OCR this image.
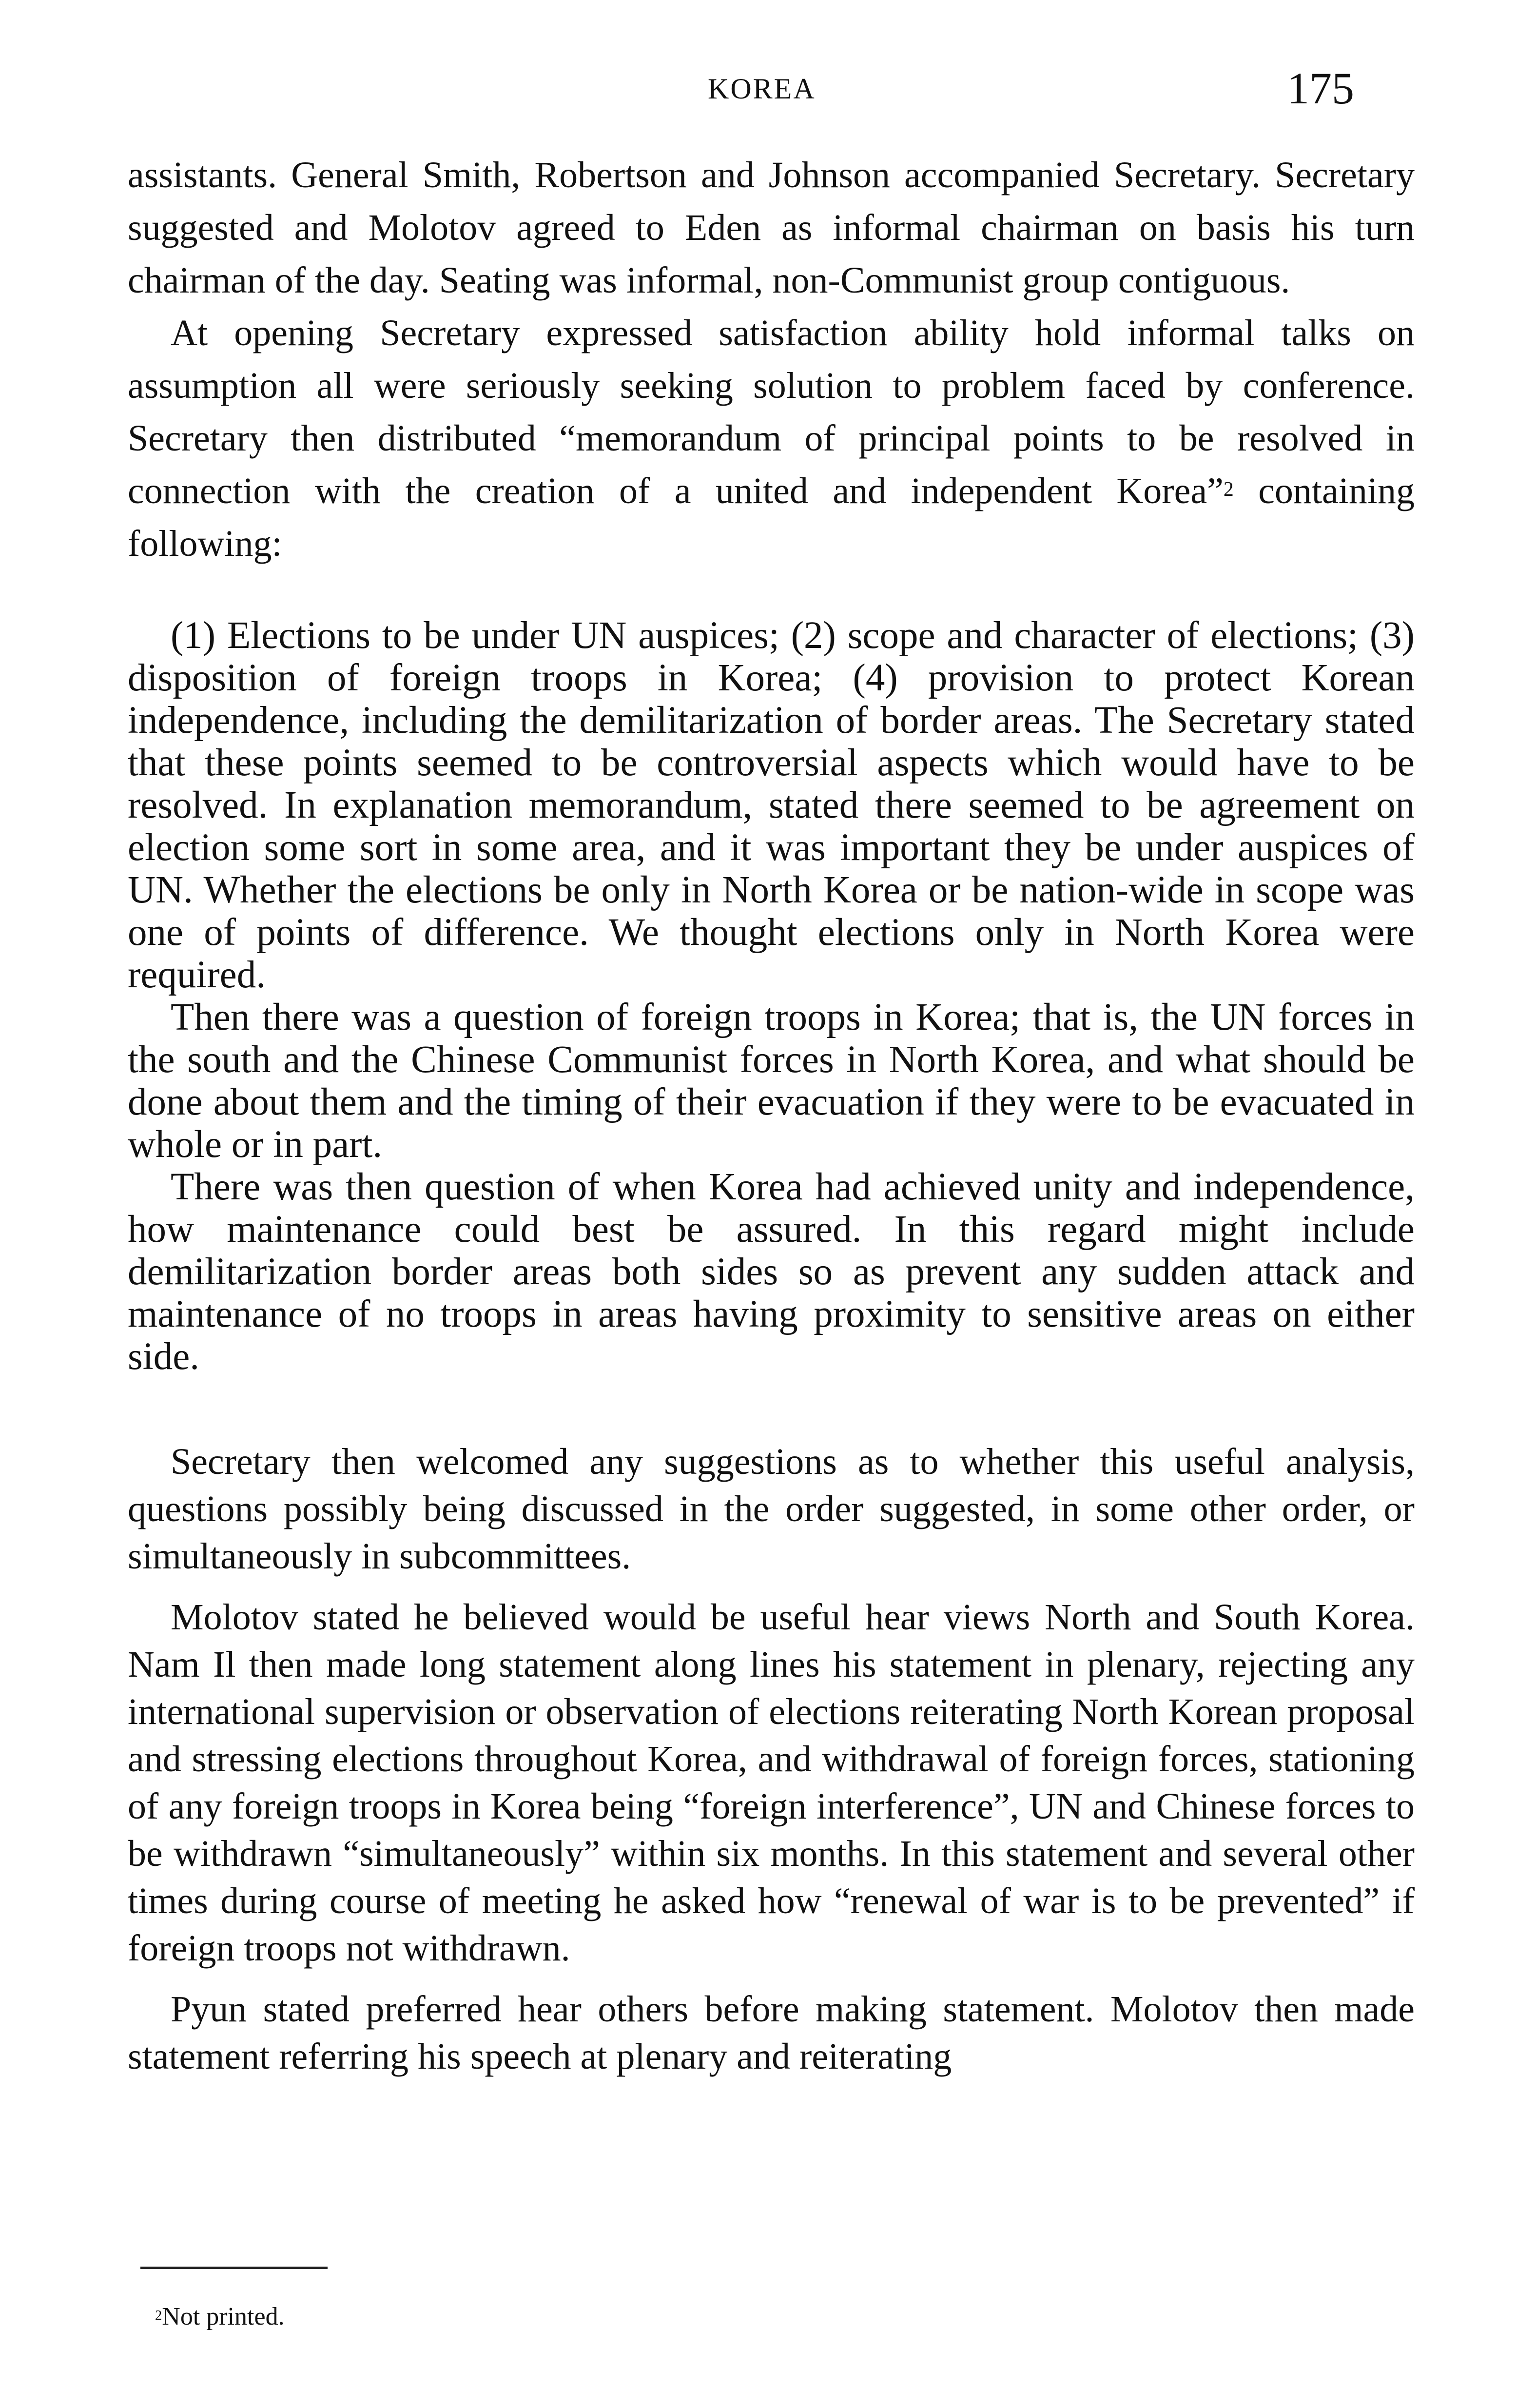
KOREA	175

assistants. General Smith, Robertson and Johnson accompanied Secretary. Secretary suggested and Molotov agreed to Eden as informal chairman on basis his turn chairman of the day. Seating was informal, non-Communist group contiguous.

At opening Secretary expressed satisfaction ability hold informal talks on assumption all were seriously seeking solution to problem faced by conference. Secretary then distributed “memorandum of principal points to be resolved in connection with the creation of a united and independent Korea”$^2$ containing following:

(1) Elections to be under UN auspices; (2) scope and character of elections; (3) disposition of foreign troops in Korea; (4) provision to protect Korean independence, including the demilitarization of border areas. The Secretary stated that these points seemed to be controversial aspects which would have to be resolved. In explanation memorandum, stated there seemed to be agreement on election some sort in some area, and it was important they be under auspices of UN. Whether the elections be only in North Korea or be nation-wide in scope was one of points of difference. We thought elections only in North Korea were required.

Then there was a question of foreign troops in Korea; that is, the UN forces in the south and the Chinese Communist forces in North Korea, and what should be done about them and the timing of their evacuation if they were to be evacuated in whole or in part.

There was then question of when Korea had achieved unity and independence, how maintenance could best be assured. In this regard might include demilitarization border areas both sides so as prevent any sudden attack and maintenance of no troops in areas having proximity to sensitive areas on either side.

Secretary then welcomed any suggestions as to whether this useful analysis, questions possibly being discussed in the order suggested, in some other order, or simultaneously in subcommittees.

Molotov stated he believed would be useful hear views North and South Korea. Nam Il then made long statement along lines his statement in plenary, rejecting any international supervision or observation of elections reiterating North Korean proposal and stressing elections throughout Korea, and withdrawal of foreign forces, stationing of any foreign troops in Korea being “foreign interference”, UN and Chinese forces to be withdrawn “simultaneously” within six months. In this statement and several other times during course of meeting he asked how “renewal of war is to be prevented” if foreign troops not withdrawn.

Pyun stated preferred hear others before making statement. Molotov then made statement referring his speech at plenary and reiterating

$^2$Not printed.
